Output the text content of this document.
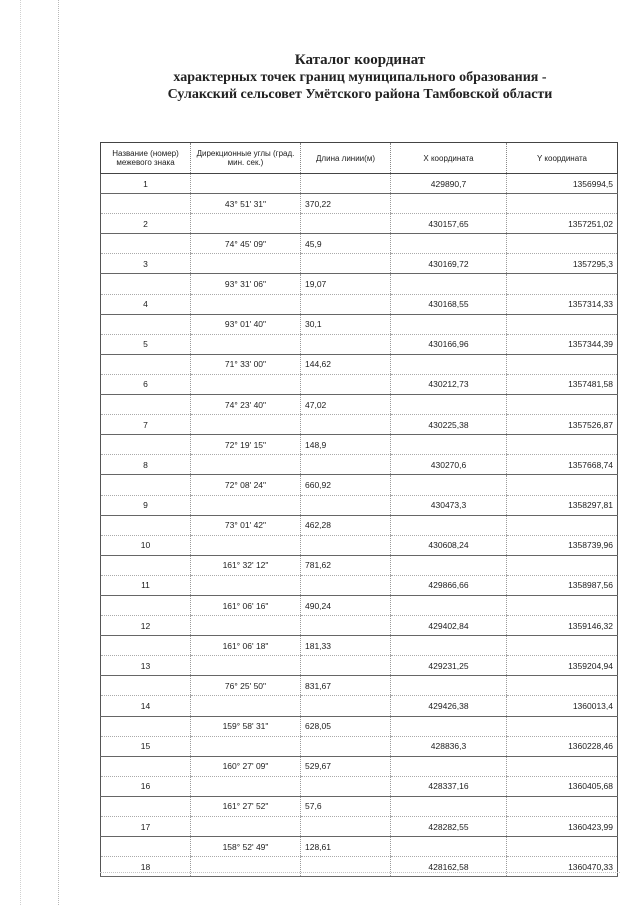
Каталог координат
характерных точек границ муниципального образования -
Сулакский сельсовет Умётского района Тамбовской области
Название (номер) межевого знака	Дирекционные углы (град. мин. сек.)	Длина линии(м)	X координата	Y координата
1			429890,7	1356994,5
	43° 51' 31"	370,22		
2			430157,65	1357251,02
	74° 45' 09"	45,9		
3			430169,72	1357295,3
	93° 31' 06"	19,07		
4			430168,55	1357314,33
	93° 01' 40"	30,1		
5			430166,96	1357344,39
	71° 33' 00"	144,62		
6			430212,73	1357481,58
	74° 23' 40"	47,02		
7			430225,38	1357526,87
	72° 19' 15"	148,9		
8			430270,6	1357668,74
	72° 08' 24"	660,92		
9			430473,3	1358297,81
	73° 01' 42"	462,28		
10			430608,24	1358739,96
	161° 32' 12"	781,62		
11			429866,66	1358987,56
	161° 06' 16"	490,24		
12			429402,84	1359146,32
	161° 06' 18"	181,33		
13			429231,25	1359204,94
	76° 25' 50"	831,67		
14			429426,38	1360013,4
	159° 58' 31"	628,05		
15			428836,3	1360228,46
	160° 27' 09"	529,67		
16			428337,16	1360405,68
	161° 27' 52"	57,6		
17			428282,55	1360423,99
	158° 52' 49"	128,61		
18			428162,58	1360470,33
